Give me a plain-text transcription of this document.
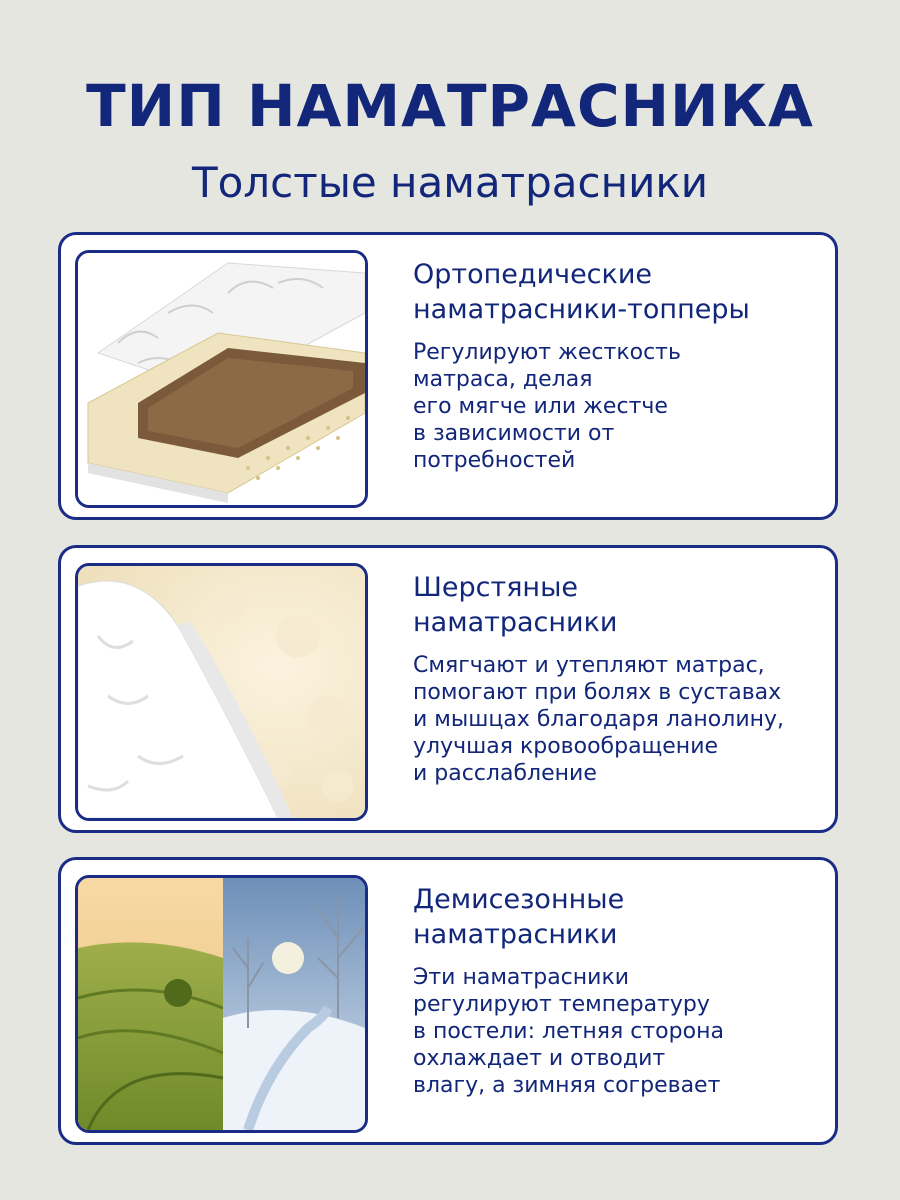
ТИП НАМАТРАСНИКА
Толстые наматрасники
Ортопедические
наматрасники-топперы

Регулируют жесткость
матраса, делая
его мягче или жестче
в зависимости от
потребностей

Шерстяные
наматрасники

Смягчают и утепляют матрас,
помогают при болях в суставах
и мышцах благодаря ланолину,
улучшая кровообращение
и расслабление

Демисезонные
наматрасники

Эти наматрасники
регулируют температуру
в постели: летняя сторона
охлаждает и отводит
влагу, а зимняя согревает
